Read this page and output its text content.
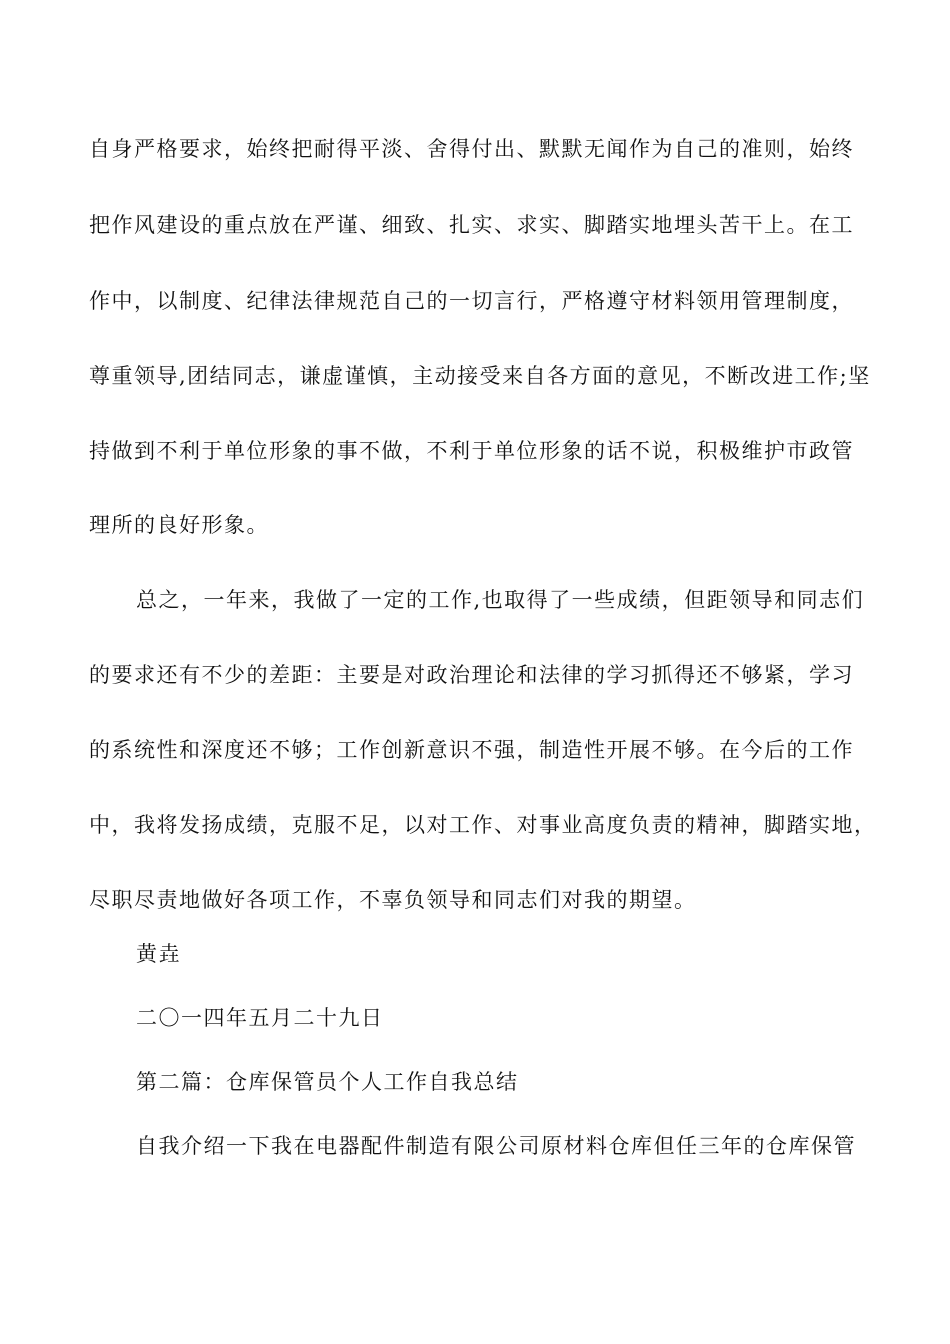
自身严格要求，始终把耐得平淡、舍得付出、默默无闻作为自己的准则，始终
把作风建设的重点放在严谨、细致、扎实、求实、脚踏实地埋头苦干上。在工
作中，以制度、纪律法律规范自己的一切言行，严格遵守材料领用管理制度，
尊重领导,团结同志，谦虚谨慎，主动接受来自各方面的意见，不断改进工作;坚
持做到不利于单位形象的事不做，不利于单位形象的话不说，积极维护市政管
理所的良好形象。
总之，一年来，我做了一定的工作,也取得了一些成绩，但距领导和同志们
的要求还有不少的差距：主要是对政治理论和法律的学习抓得还不够紧，学习
的系统性和深度还不够；工作创新意识不强，制造性开展不够。在今后的工作
中，我将发扬成绩，克服不足，以对工作、对事业高度负责的精神，脚踏实地，
尽职尽责地做好各项工作，不辜负领导和同志们对我的期望。
黄垚
二〇一四年五月二十九日
第二篇：仓库保管员个人工作自我总结
自我介绍一下我在电器配件制造有限公司原材料仓库但任三年的仓库保管
